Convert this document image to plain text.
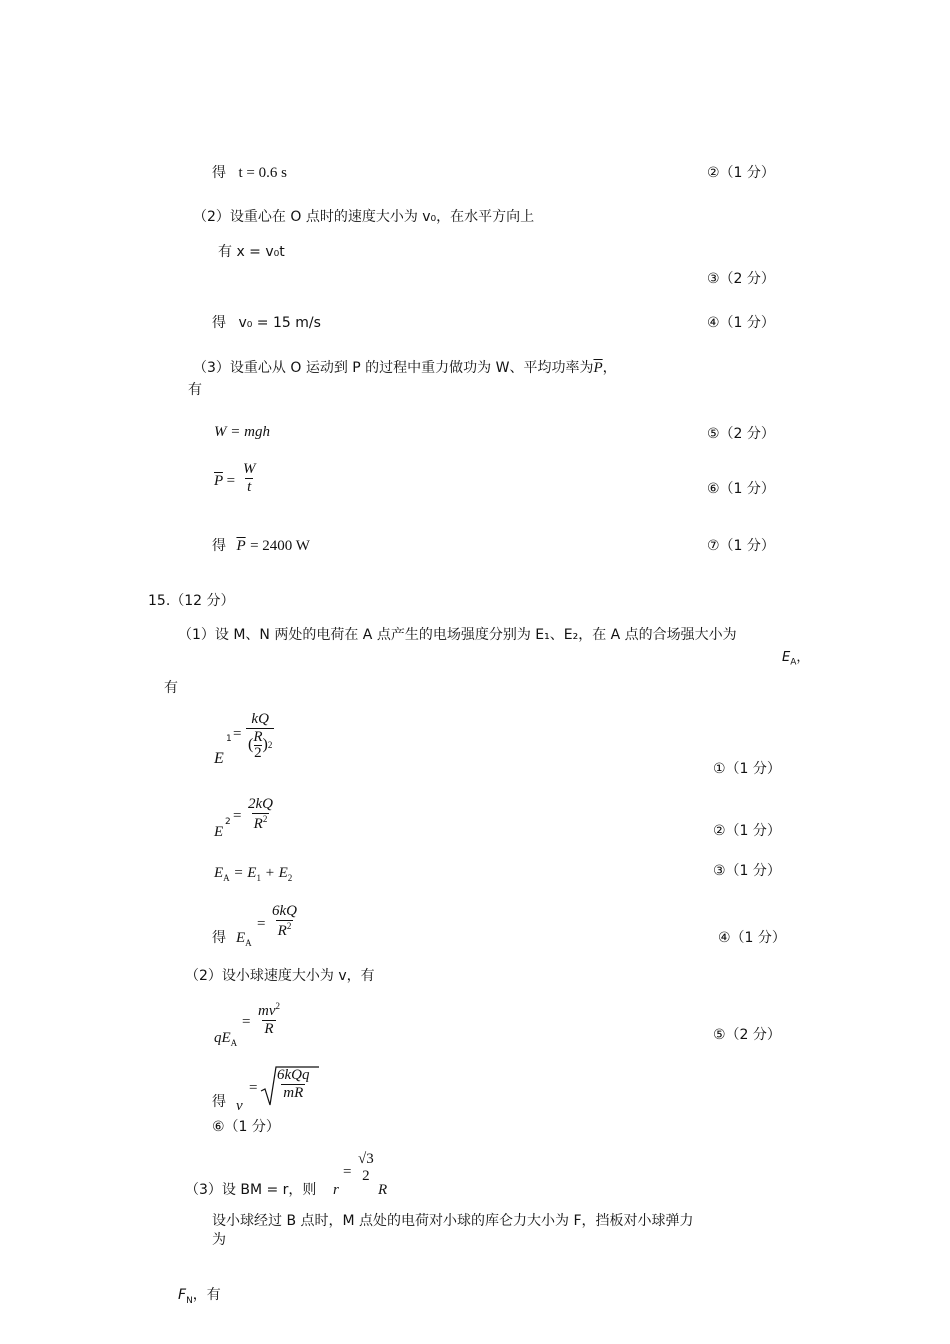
得 t = 0.6 s	②（1 分）
（2）设重心在 O 点时的速度大小为 v₀，在水平方向上
有 x = v₀t
③（2 分）
得 v₀ = 15 m/s	④（1 分）
（3）设重心从 O 运动到 P 的过程中重力做功为 W、平均功率为$\overline{P}$，
有
W = mgh	⑤（2 分）
$\overline{P} = \frac{W}{t}$	⑥（1 分）
得 $\overline{P} = 2400$ W	⑦（1 分）
15.（12 分）
（1）设 M、N 两处的电荷在 A 点产生的电场强度分别为 E₁、E₂，在 A 点的合场强大小为
$E_A$，
有
E
$1 = \frac{kQ}{( \frac{R}{2} ) 2}$
①（1 分）
E
$2 = \frac{2kQ}{R^2}$	②（1 分）
$E_A = E_1 + E_2$	③（1 分）
得 $E_A$
= $\frac{6kQ}{R^2}$	④（1 分）
（2）设小球速度大小为 v，有
$qE_A$
= $\frac{mv^2}{R}$	⑤（2 分）
得 v
=
6kQq
mR
⑥（1 分）
（3）设 BM = r，则 r
=
√3
2
R
设小球经过 B 点时，M 点处的电荷对小球的库仑力大小为 F，挡板对小球弹力
为
$F_N$，有
